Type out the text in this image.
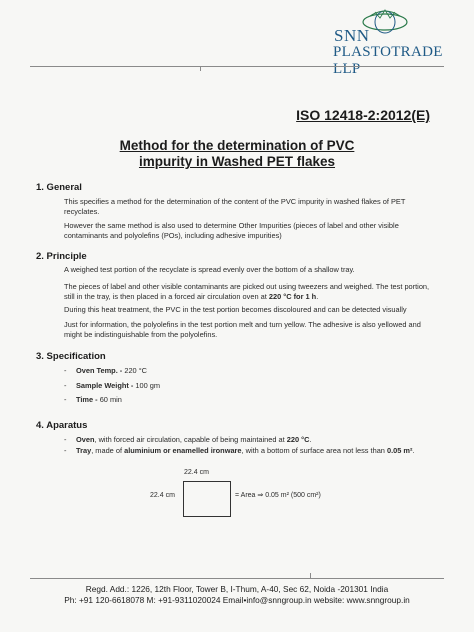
SNN
PLASTOTRADE LLP
ISO 12418-2:2012(E)
Method for the determination of PVC
impurity in Washed PET flakes
1. General
This specifies a method for the determination of the content of the PVC impurity in washed flakes of PET recyclates.
However the same method is also used to determine Other Impurities (pieces of label and other visible contaminants and polyolefins (POs), including adhesive impurities)
2. Principle
A weighed test portion of the recyclate is spread evenly over the bottom of a shallow tray.
The pieces of label and other visible contaminants are picked out using tweezers and weighed. The test portion, still in the tray, is then placed in a forced air circulation oven at 220 °C for 1 h.
During this heat treatment, the PVC in the test portion becomes discoloured and can be detected visually
Just for information, the polyolefins in the test portion melt and turn yellow. The adhesive is also yellowed and might be indistinguishable from the polyolefins.
3. Specification
- Oven Temp. - 220 °C
- Sample Weight - 100 gm
- Time - 60 min
4. Aparatus
- Oven, with forced air circulation, capable of being maintained at 220 °C.
- Tray, made of aluminium or enamelled ironware, with a bottom of surface area not less than 0.05 m².
22.4 cm
22.4 cm	= Area ⇒ 0.05 m² (500 cm²)
Regd. Add.: 1226, 12th Floor, Tower B, I-Thum, A-40, Sec 62, Noida -201301 India
Ph: +91 120-6618078 M: +91-9311020024 Email•info@snngroup.in website: www.snngroup.in
